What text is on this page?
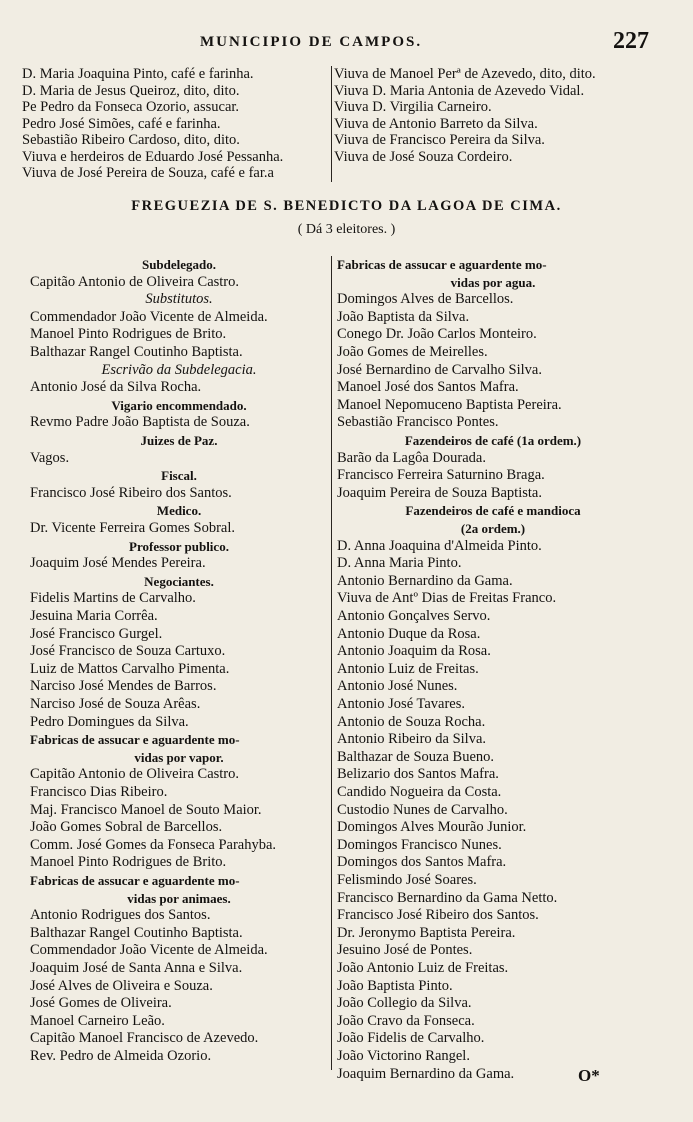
MUNICIPIO DE CAMPOS.	227
D. Maria Joaquina Pinto, café e farinha.
D. Maria de Jesus Queiroz, dito, dito.
Pe Pedro da Fonseca Ozorio, assucar.
Pedro José Simões, café e farinha.
Sebastião Ribeiro Cardoso, dito, dito.
Viuva e herdeiros de Eduardo José Pessanha.
Viuva de José Pereira de Souza, café e far.a
Viuva de Manoel Perª de Azevedo, dito, dito.
Viuva D. Maria Antonia de Azevedo Vidal.
Viuva D. Virgilia Carneiro.
Viuva de Antonio Barreto da Silva.
Viuva de Francisco Pereira da Silva.
Viuva de José Souza Cordeiro.
FREGUEZIA DE S. BENEDICTO DA LAGOA DE CIMA.
( Dá 3 eleitores. )
Subdelegado.
Capitão Antonio de Oliveira Castro.
Substitutos.
Commendador João Vicente de Almeida.
Manoel Pinto Rodrigues de Brito.
Balthazar Rangel Coutinho Baptista.
Escrivão da Subdelegacia.
Antonio José da Silva Rocha.
Vigario encommendado.
Revmo Padre João Baptista de Souza.
Juizes de Paz.
Vagos.
Fiscal.
Francisco José Ribeiro dos Santos.
Medico.
Dr. Vicente Ferreira Gomes Sobral.
Professor publico.
Joaquim José Mendes Pereira.
Negociantes.
Fidelis Martins de Carvalho.
Jesuina Maria Corrêa.
José Francisco Gurgel.
José Francisco de Souza Cartuxo.
Luiz de Mattos Carvalho Pimenta.
Narciso José Mendes de Barros.
Narciso José de Souza Arêas.
Pedro Domingues da Silva.
Fabricas de assucar e aguardente mo-
vidas por vapor.
Capitão Antonio de Oliveira Castro.
Francisco Dias Ribeiro.
Maj. Francisco Manoel de Souto Maior.
João Gomes Sobral de Barcellos.
Comm. José Gomes da Fonseca Parahyba.
Manoel Pinto Rodrigues de Brito.
Fabricas de assucar e aguardente mo-
vidas por animaes.
Antonio Rodrigues dos Santos.
Balthazar Rangel Coutinho Baptista.
Commendador João Vicente de Almeida.
Joaquim José de Santa Anna e Silva.
José Alves de Oliveira e Souza.
José Gomes de Oliveira.
Manoel Carneiro Leão.
Capitão Manoel Francisco de Azevedo.
Rev. Pedro de Almeida Ozorio.
Fabricas de assucar e aguardente mo-
vidas por agua.
Domingos Alves de Barcellos.
João Baptista da Silva.
Conego Dr. João Carlos Monteiro.
João Gomes de Meirelles.
José Bernardino de Carvalho Silva.
Manoel José dos Santos Mafra.
Manoel Nepomuceno Baptista Pereira.
Sebastião Francisco Pontes.
Fazendeiros de café (1a ordem.)
Barão da Lagôa Dourada.
Francisco Ferreira Saturnino Braga.
Joaquim Pereira de Souza Baptista.
Fazendeiros de café e mandioca
(2a ordem.)
D. Anna Joaquina d'Almeida Pinto.
D. Anna Maria Pinto.
Antonio Bernardino da Gama.
Viuva de Antº Dias de Freitas Franco.
Antonio Gonçalves Servo.
Antonio Duque da Rosa.
Antonio Joaquim da Rosa.
Antonio Luiz de Freitas.
Antonio José Nunes.
Antonio José Tavares.
Antonio de Souza Rocha.
Antonio Ribeiro da Silva.
Balthazar de Souza Bueno.
Belizario dos Santos Mafra.
Candido Nogueira da Costa.
Custodio Nunes de Carvalho.
Domingos Alves Mourão Junior.
Domingos Francisco Nunes.
Domingos dos Santos Mafra.
Felismindo José Soares.
Francisco Bernardino da Gama Netto.
Francisco José Ribeiro dos Santos.
Dr. Jeronymo Baptista Pereira.
Jesuino José de Pontes.
João Antonio Luiz de Freitas.
João Baptista Pinto.
João Collegio da Silva.
João Cravo da Fonseca.
João Fidelis de Carvalho.
João Victorino Rangel.
Joaquim Bernardino da Gama.	O*
